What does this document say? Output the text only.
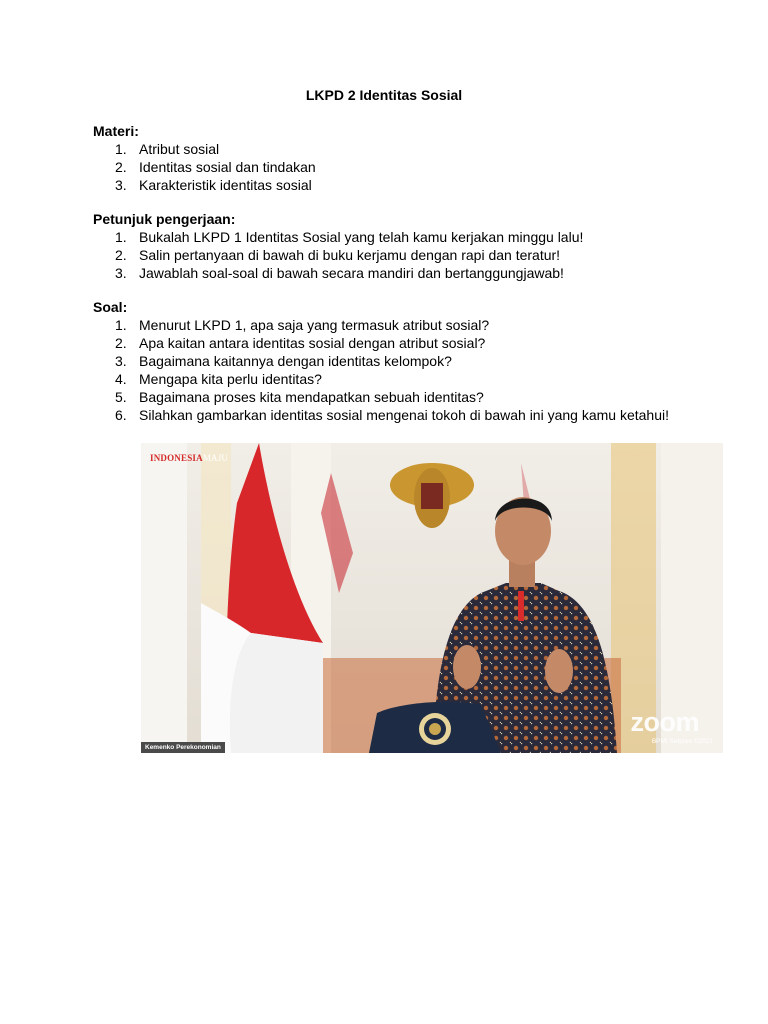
LKPD 2 Identitas Sosial
Materi:
1. Atribut sosial
2. Identitas sosial dan tindakan
3. Karakteristik identitas sosial
Petunjuk pengerjaan:
1. Bukalah LKPD 1 Identitas Sosial yang telah kamu kerjakan minggu lalu!
2. Salin pertanyaan di bawah di buku kerjamu dengan rapi dan teratur!
3. Jawablah soal-soal di bawah secara mandiri dan bertanggungjawab!
Soal:
1. Menurut LKPD 1, apa saja yang termasuk atribut sosial?
2. Apa kaitan antara identitas sosial dengan atribut sosial?
3. Bagaimana kaitannya dengan identitas kelompok?
4. Mengapa kita perlu identitas?
5. Bagaimana proses kita mendapatkan sebuah identitas?
6. Silahkan gambarkan identitas sosial mengenai tokoh di bawah ini yang kamu ketahui!
INDONESIAMAJU
zoom
BPMI Setpres ©2021
Kemenko Perekonomian
